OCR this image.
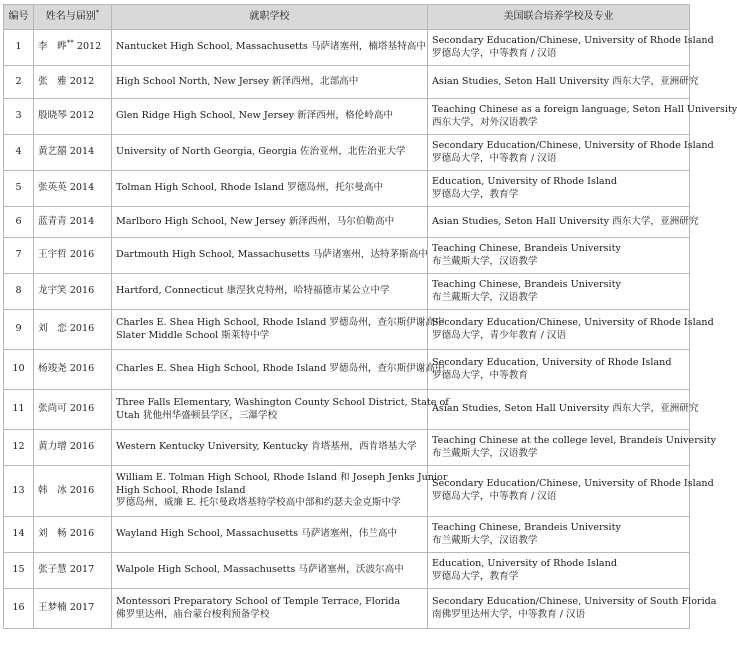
编号	姓名与届别*	就职学校	美国联合培养学校及专业
1	李　晔** 2012	Nantucket High School, Massachusetts 马萨诸塞州，楠塔基特高中	Secondary Education/Chinese, University of Rhode Island
罗德岛大学，中等教育 / 汉语

2	张　雅 2012	High School North, New Jersey 新泽西州，北部高中	Asian Studies, Seton Hall University 西东大学，亚洲研究

3	殷晓琴 2012	Glen Ridge High School, New Jersey 新泽西州，格伦岭高中	Teaching Chinese as a foreign language, Seton Hall University
西东大学，对外汉语教学

4	黄艺囍 2014	University of North Georgia, Georgia 佐治亚州，北佐治亚大学	Secondary Education/Chinese, University of Rhode Island
罗德岛大学，中等教育 / 汉语

5	张英英 2014	Tolman High School, Rhode Island 罗德岛州，托尔曼高中	Education, University of Rhode Island
罗德岛大学，教育学

6	蓝青青 2014	Marlboro High School, New Jersey 新泽西州，马尔伯勒高中	Asian Studies, Seton Hall University 西东大学，亚洲研究

7	王宇哲 2016	Dartmouth High School, Massachusetts 马萨诸塞州，达特茅斯高中	Teaching Chinese, Brandeis University
布兰戴斯大学，汉语教学

8	龙宇笑 2016	Hartford, Connecticut 康涅狄克特州，哈特福德市某公立中学	Teaching Chinese, Brandeis University
布兰戴斯大学，汉语教学

9	刘　恋 2016	Charles E. Shea High School, Rhode Island 罗德岛州，查尔斯伊谢高中
Slater Middle School 斯莱特中学	Secondary Education/Chinese, University of Rhode Island
罗德岛大学，青少年教育 / 汉语

10	杨竣尧 2016	Charles E. Shea High School, Rhode Island 罗德岛州，查尔斯伊谢高中	Secondary Education, University of Rhode Island
罗德岛大学，中等教育

11	张尚可 2016	Three Falls Elementary, Washington County School District, State of
Utah 犹他州华盛顿县学区，三瀑学校	Asian Studies, Seton Hall University 西东大学，亚洲研究

12	黄力增 2016	Western Kentucky University, Kentucky 肯塔基州，西肯塔基大学	Teaching Chinese at the college level, Brandeis University
布兰戴斯大学，汉语教学

13	韩　冰 2016	William E. Tolman High School, Rhode Island 和 Joseph Jenks Junior
High School, Rhode Island
罗德岛州，威廉 E. 托尔曼政塔基特学校高中部和约瑟夫金克斯中学	Secondary Education/Chinese, University of Rhode Island
罗德岛大学，中等教育 / 汉语

14	刘　畅 2016	Wayland High School, Massachusetts 马萨诸塞州，伟兰高中	Teaching Chinese, Brandeis University
布兰戴斯大学，汉语教学

15	张子慧 2017	Walpole High School, Massachusetts 马萨诸塞州，沃波尔高中	Education, University of Rhode Island
罗德岛大学，教育学

16	王梦楠 2017	Montessori Preparatory School of Temple Terrace, Florida
佛罗里达州，庙台蒙台梭利预备学校	Secondary Education/Chinese, University of South Florida
南佛罗里达州大学，中等教育 / 汉语
